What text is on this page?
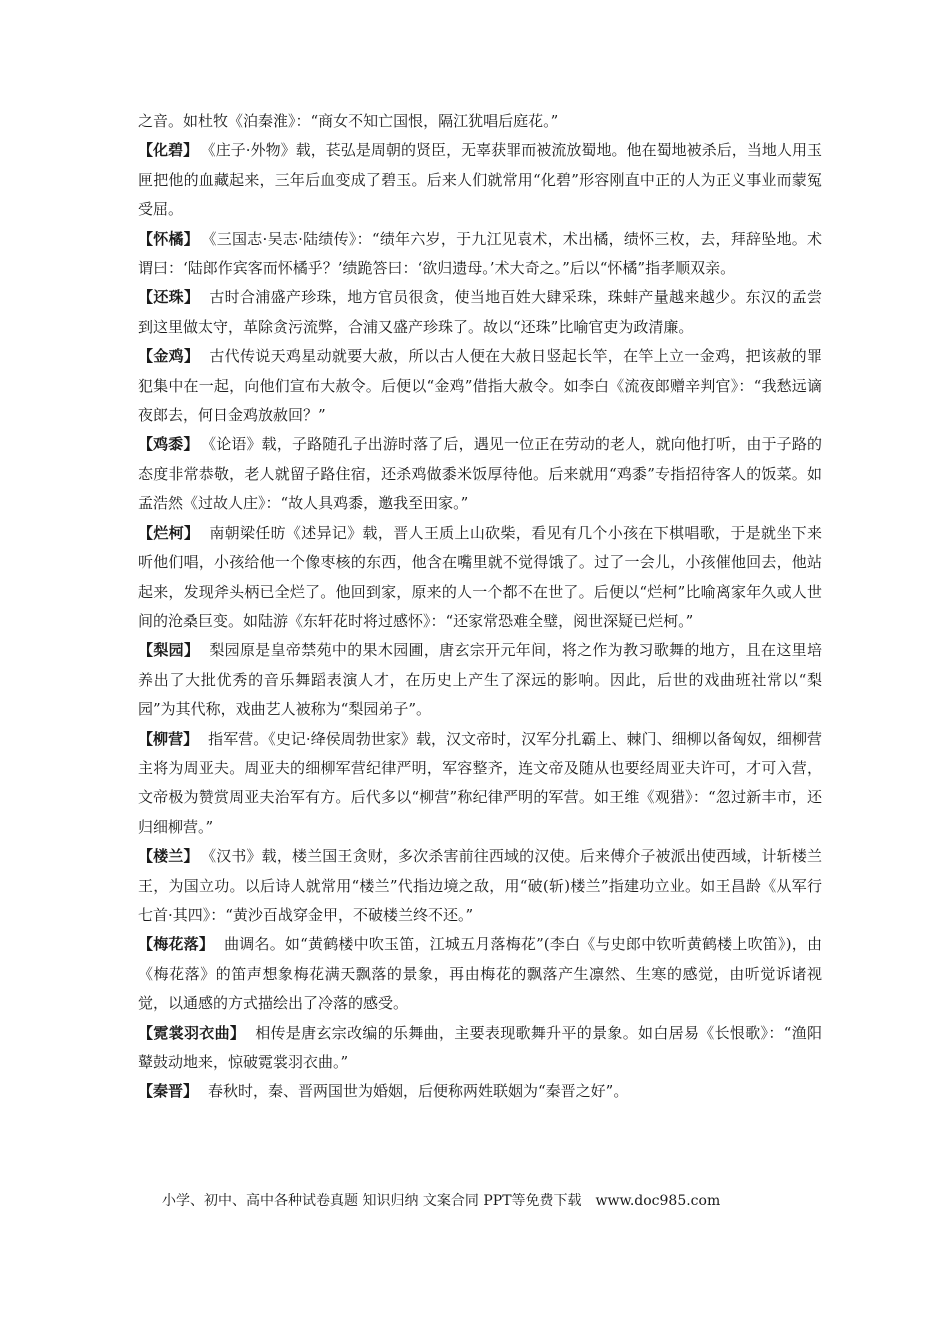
之音。如杜牧《泊秦淮》：“商女不知亡国恨，隔江犹唱后庭花。”

【化碧】 《庄子·外物》载，苌弘是周朝的贤臣，无辜获罪而被流放蜀地。他在蜀地被杀后，当地人用玉匣把他的血藏起来，三年后血变成了碧玉。后来人们就常用“化碧”形容刚直中正的人为正义事业而蒙冤受屈。

【怀橘】 《三国志·吴志·陆绩传》：“绩年六岁，于九江见袁术，术出橘，绩怀三枚，去，拜辞坠地。术谓曰：‘陆郎作宾客而怀橘乎？’绩跪答曰：‘欲归遗母。’术大奇之。”后以“怀橘”指孝顺双亲。

【还珠】 古时合浦盛产珍珠，地方官员很贪，使当地百姓大肆采珠，珠蚌产量越来越少。东汉的孟尝到这里做太守，革除贪污流弊，合浦又盛产珍珠了。故以“还珠”比喻官吏为政清廉。

【金鸡】 古代传说天鸡星动就要大赦，所以古人便在大赦日竖起长竿，在竿上立一金鸡，把该赦的罪犯集中在一起，向他们宣布大赦令。后便以“金鸡”借指大赦令。如李白《流夜郎赠辛判官》：“我愁远谪夜郎去，何日金鸡放赦回？”

【鸡黍】 《论语》载，子路随孔子出游时落了后，遇见一位正在劳动的老人，就向他打听，由于子路的态度非常恭敬，老人就留子路住宿，还杀鸡做黍米饭厚待他。后来就用“鸡黍”专指招待客人的饭菜。如孟浩然《过故人庄》：“故人具鸡黍，邀我至田家。”

【烂柯】 南朝梁任昉《述异记》载，晋人王质上山砍柴，看见有几个小孩在下棋唱歌，于是就坐下来听他们唱，小孩给他一个像枣核的东西，他含在嘴里就不觉得饿了。过了一会儿，小孩催他回去，他站起来，发现斧头柄已全烂了。他回到家，原来的人一个都不在世了。后便以“烂柯”比喻离家年久或人世间的沧桑巨变。如陆游《东轩花时将过感怀》：“还家常恐难全璧，阅世深疑已烂柯。”

【梨园】 梨园原是皇帝禁苑中的果木园圃，唐玄宗开元年间，将之作为教习歌舞的地方，且在这里培养出了大批优秀的音乐舞蹈表演人才，在历史上产生了深远的影响。因此，后世的戏曲班社常以“梨园”为其代称，戏曲艺人被称为“梨园弟子”。

【柳营】 指军营。《史记·绛侯周勃世家》载，汉文帝时，汉军分扎霸上、棘门、细柳以备匈奴，细柳营主将为周亚夫。周亚夫的细柳军营纪律严明，军容整齐，连文帝及随从也要经周亚夫许可，才可入营，文帝极为赞赏周亚夫治军有方。后代多以“柳营”称纪律严明的军营。如王维《观猎》：“忽过新丰市，还归细柳营。”

【楼兰】 《汉书》载，楼兰国王贪财，多次杀害前往西域的汉使。后来傅介子被派出使西域，计斩楼兰王，为国立功。以后诗人就常用“楼兰”代指边境之敌，用“破(斩)楼兰”指建功立业。如王昌龄《从军行七首·其四》：“黄沙百战穿金甲，不破楼兰终不还。”

【梅花落】 曲调名。如“黄鹤楼中吹玉笛，江城五月落梅花”(李白《与史郎中钦听黄鹤楼上吹笛》)，由《梅花落》的笛声想象梅花满天飘落的景象，再由梅花的飘落产生凛然、生寒的感觉，由听觉诉诸视觉，以通感的方式描绘出了冷落的感受。

【霓裳羽衣曲】 相传是唐玄宗改编的乐舞曲，主要表现歌舞升平的景象。如白居易《长恨歌》：“渔阳鼙鼓动地来，惊破霓裳羽衣曲。”

【秦晋】 春秋时，秦、晋两国世为婚姻，后便称两姓联姻为“秦晋之好”。

小学、初中、高中各种试卷真题 知识归纳 文案合同 PPT等免费下载 www.doc985.com
